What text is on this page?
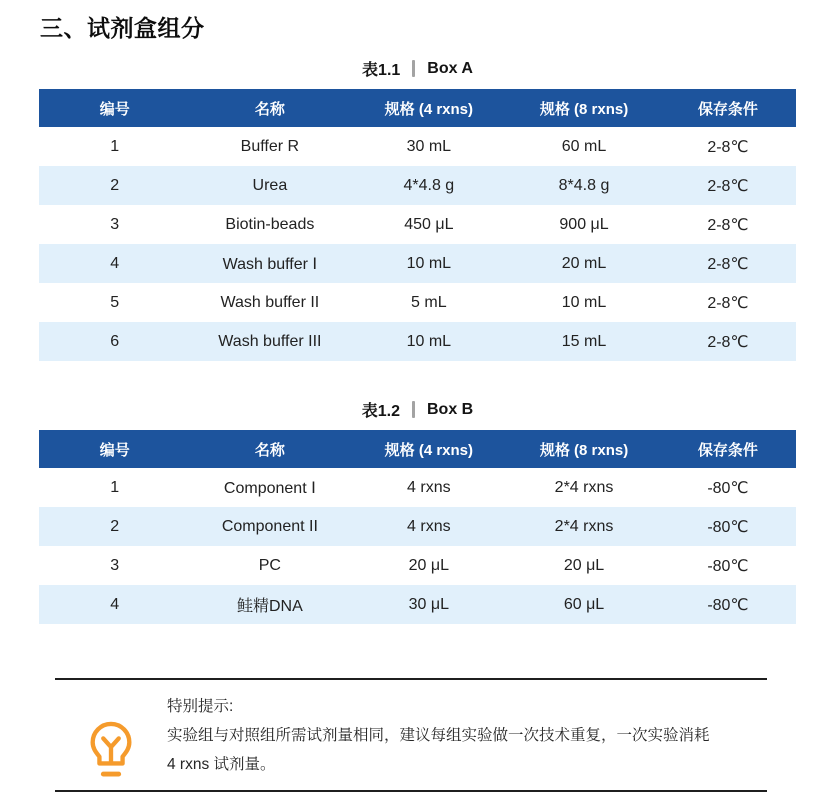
三、试剂盒组分
表1.1 Box A
编号	名称	规格 (4 rxns)	规格 (8 rxns)	保存条件
1	Buffer R	30 mL	60 mL	2-8℃
2	Urea	4*4.8 g	8*4.8 g	2-8℃
3	Biotin-beads	450 μL	900 μL	2-8℃
4	Wash buffer Ⅰ	10 mL	20 mL	2-8℃
5	Wash buffer II	5 mL	10 mL	2-8℃
6	Wash buffer III	10 mL	15 mL	2-8℃
表1.2 Box B
编号	名称	规格 (4 rxns)	规格 (8 rxns)	保存条件
1	Component Ⅰ	4 rxns	2*4 rxns	-80℃
2	Component II	4 rxns	2*4 rxns	-80℃
3	PC	20 μL	20 μL	-80℃
4	鲑精DNA	30 μL	60 μL	-80℃
特别提示:
实验组与对照组所需试剂量相同，建议每组实验做一次技术重复，一次实验消耗
4 rxns 试剂量。
